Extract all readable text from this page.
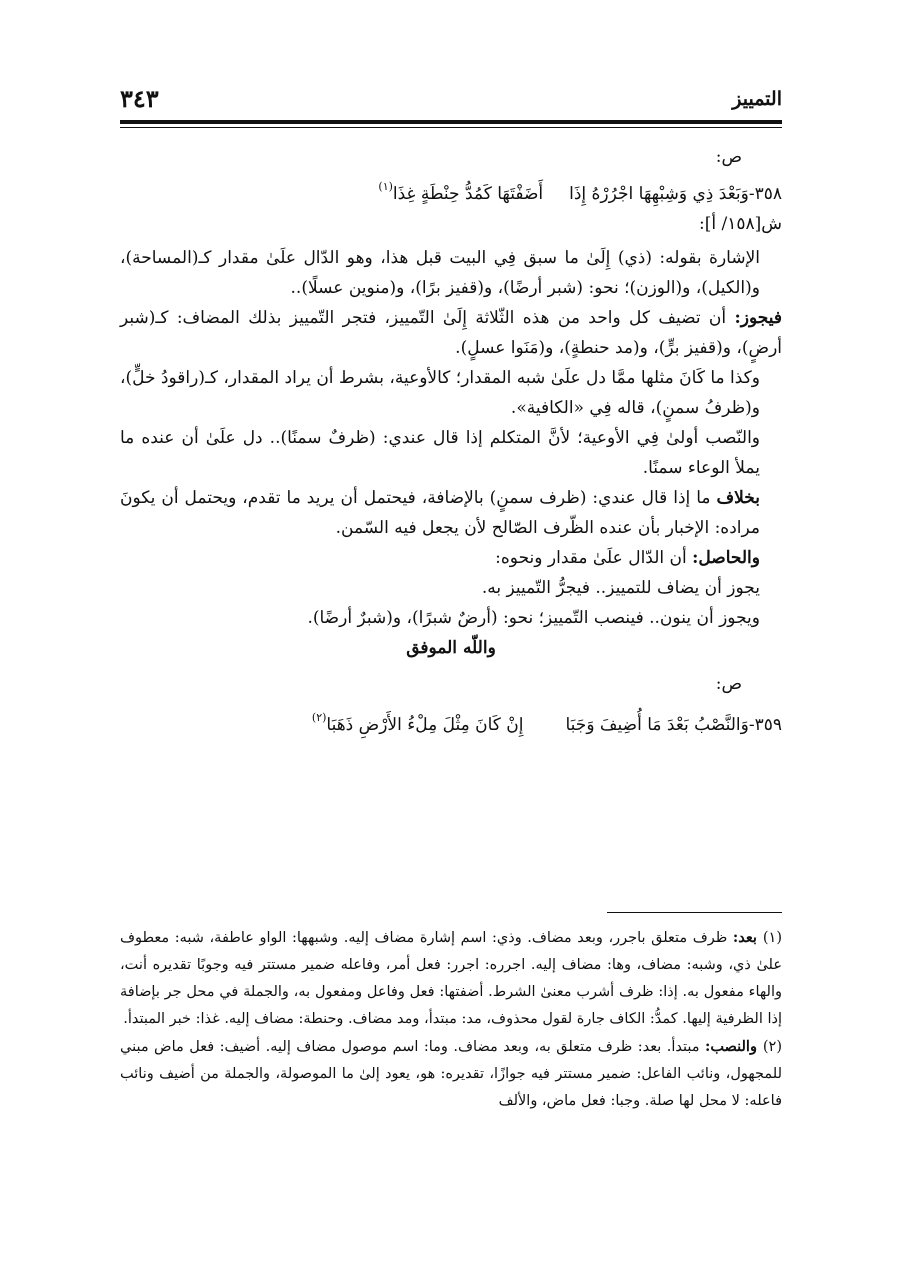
التمييز
٣٤٣

ص:

٣٥٨-وَبَعْدَ ذِي وَشِبْهِهَا اجْرُرْهُ إِذَاأَضَفْتَهَا كَمُدُّ حِنْطَةٍ غِذَا$^{(١)}$

ش[١٥٨/ أ]:

الإشارة بقوله: (ذي) إِلَىٰ ما سبق فِي البيت قبل هذا، وهو الدّال علَىٰ مقدار كـ(المساحة)، و(الكيل)، و(الوزن)؛ نحو: (شبر أرضًا)، و(قفيز برًا)، و(منوين عسلًا)..

فيجوز: أن تضيف كل واحد من هذه الثّلاثة إِلَىٰ التّمييز، فتجر التّمييز بذلك المضاف: كـ(شبر أرضٍ)، و(قفيز برٍّ)، و(مد حنطةٍ)، و(مَنَوا عسلٍ).

وكذا ما كَانَ مثلها ممَّا دل علَىٰ شبه المقدار؛ كالأوعية، بشرط أن يراد المقدار، كـ(راقودُ خلٍّ)، و(ظرفُ سمنٍ)، قاله فِي «الكافية».

والنّصب أولىٰ فِي الأوعية؛ لأنَّ المتكلم إذا قال عندي: (ظرفٌ سمنًا).. دل علَىٰ أن عنده ما يملأ الوعاء سمنًا.

بخلاف ما إذا قال عندي: (ظرف سمنٍ) بالإضافة، فيحتمل أن يريد ما تقدم، ويحتمل أن يكونَ مراده: الإخبار بأن عنده الظّرف الصّالح لأن يجعل فيه السّمن.

والحاصل: أن الدّال علَىٰ مقدار ونحوه:

يجوز أن يضاف للتمييز.. فيجرُّ التّمييز به.

ويجوز أن ينون.. فينصب التّمييز؛ نحو: (أرضٌ شبرًا)، و(شبرٌ أرضًا).

واللّه الموفق

ص:

٣٥٩-وَالنَّصْبُ بَعْدَ مَا أُضِيفَ وَجَبَاإِنْ كَانَ مِثْلَ مِلْءُ الأَرْضِ ذَهَبَا$^{(٢)}$

(١) بعد: ظرف متعلق باجرر، وبعد مضاف. وذي: اسم إشارة مضاف إليه. وشبهها: الواو عاطفة، شبه: معطوف علىٰ ذي، وشبه: مضاف، وها: مضاف إليه. اجرره: اجرر: فعل أمر، وفاعله ضمير مستتر فيه وجوبًا تقديره أنت، والهاء مفعول به. إذا: ظرف أشرب معنىٰ الشرط. أضفتها: فعل وفاعل ومفعول به، والجملة في محل جر بإضافة إذا الظرفية إليها. كمدُّ: الكاف جارة لقول محذوف، مد: مبتدأ، ومد مضاف. وحنطة: مضاف إليه. غذا: خبر المبتدأ.

(٢) والنصب: مبتدأ. بعد: ظرف متعلق به، وبعد مضاف. وما: اسم موصول مضاف إليه. أضيف: فعل ماض مبني للمجهول، ونائب الفاعل: ضمير مستتر فيه جوازًا، تقديره: هو، يعود إلىٰ ما الموصولة، والجملة من أضيف ونائب فاعله: لا محل لها صلة. وجبا: فعل ماض، والألف
